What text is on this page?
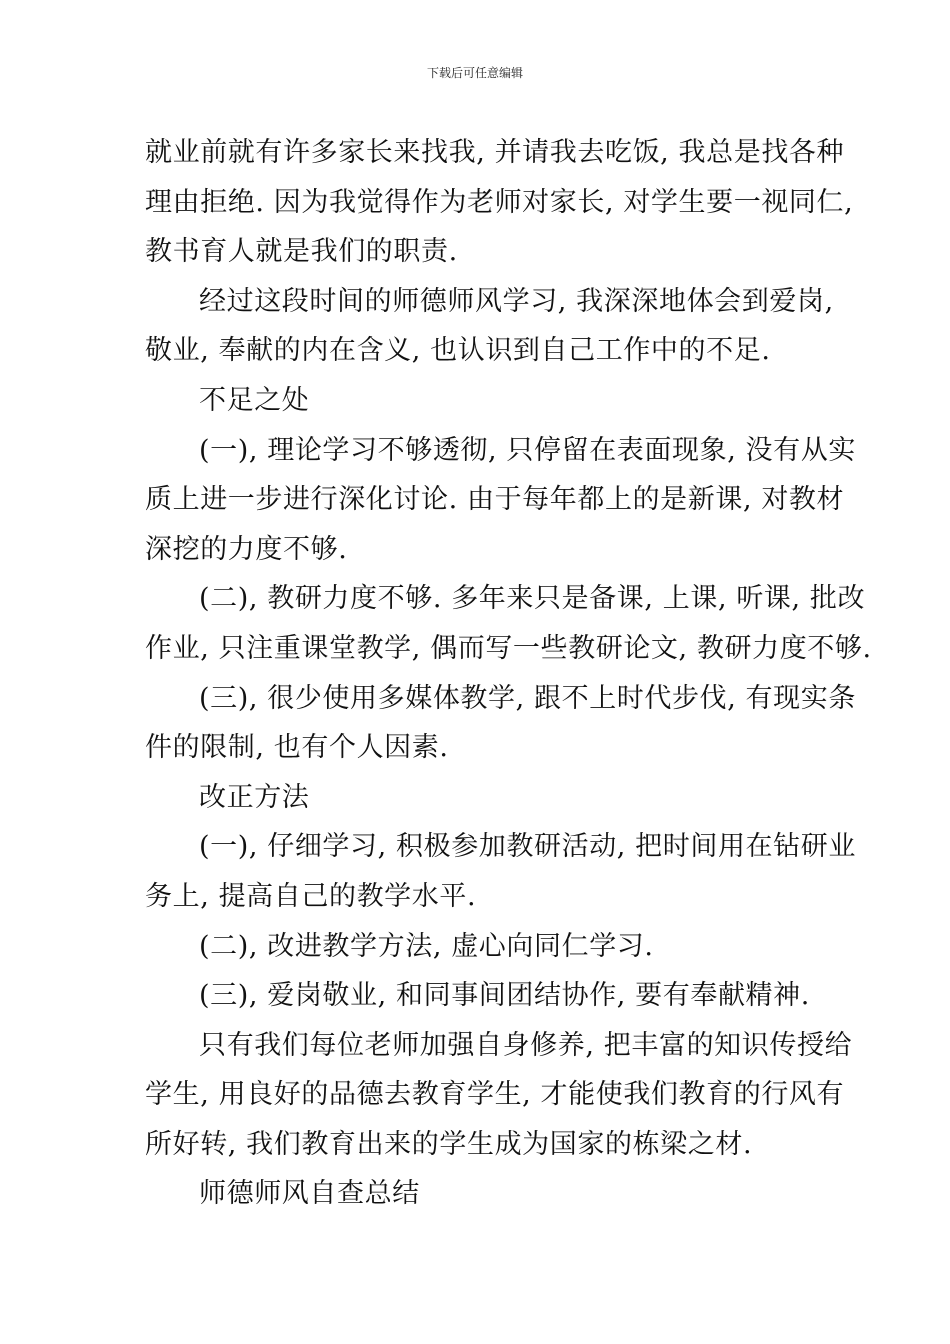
下载后可任意编辑

就业前就有许多家长来找我, 并请我去吃饭, 我总是找各种
理由拒绝. 因为我觉得作为老师对家长, 对学生要一视同仁,
教书育人就是我们的职责.

经过这段时间的师德师风学习, 我深深地体会到爱岗,
敬业, 奉献的内在含义, 也认识到自己工作中的不足.

不足之处

(一), 理论学习不够透彻, 只停留在表面现象, 没有从实
质上进一步进行深化讨论. 由于每年都上的是新课, 对教材
深挖的力度不够.

(二), 教研力度不够. 多年来只是备课, 上课, 听课, 批改
作业, 只注重课堂教学, 偶而写一些教研论文, 教研力度不够.

(三), 很少使用多媒体教学, 跟不上时代步伐, 有现实条
件的限制, 也有个人因素.

改正方法

(一), 仔细学习, 积极参加教研活动, 把时间用在钻研业
务上, 提高自己的教学水平.

(二), 改进教学方法, 虚心向同仁学习.

(三), 爱岗敬业, 和同事间团结协作, 要有奉献精神.

只有我们每位老师加强自身修养, 把丰富的知识传授给
学生, 用良好的品德去教育学生, 才能使我们教育的行风有
所好转, 我们教育出来的学生成为国家的栋梁之材.

师德师风自查总结
